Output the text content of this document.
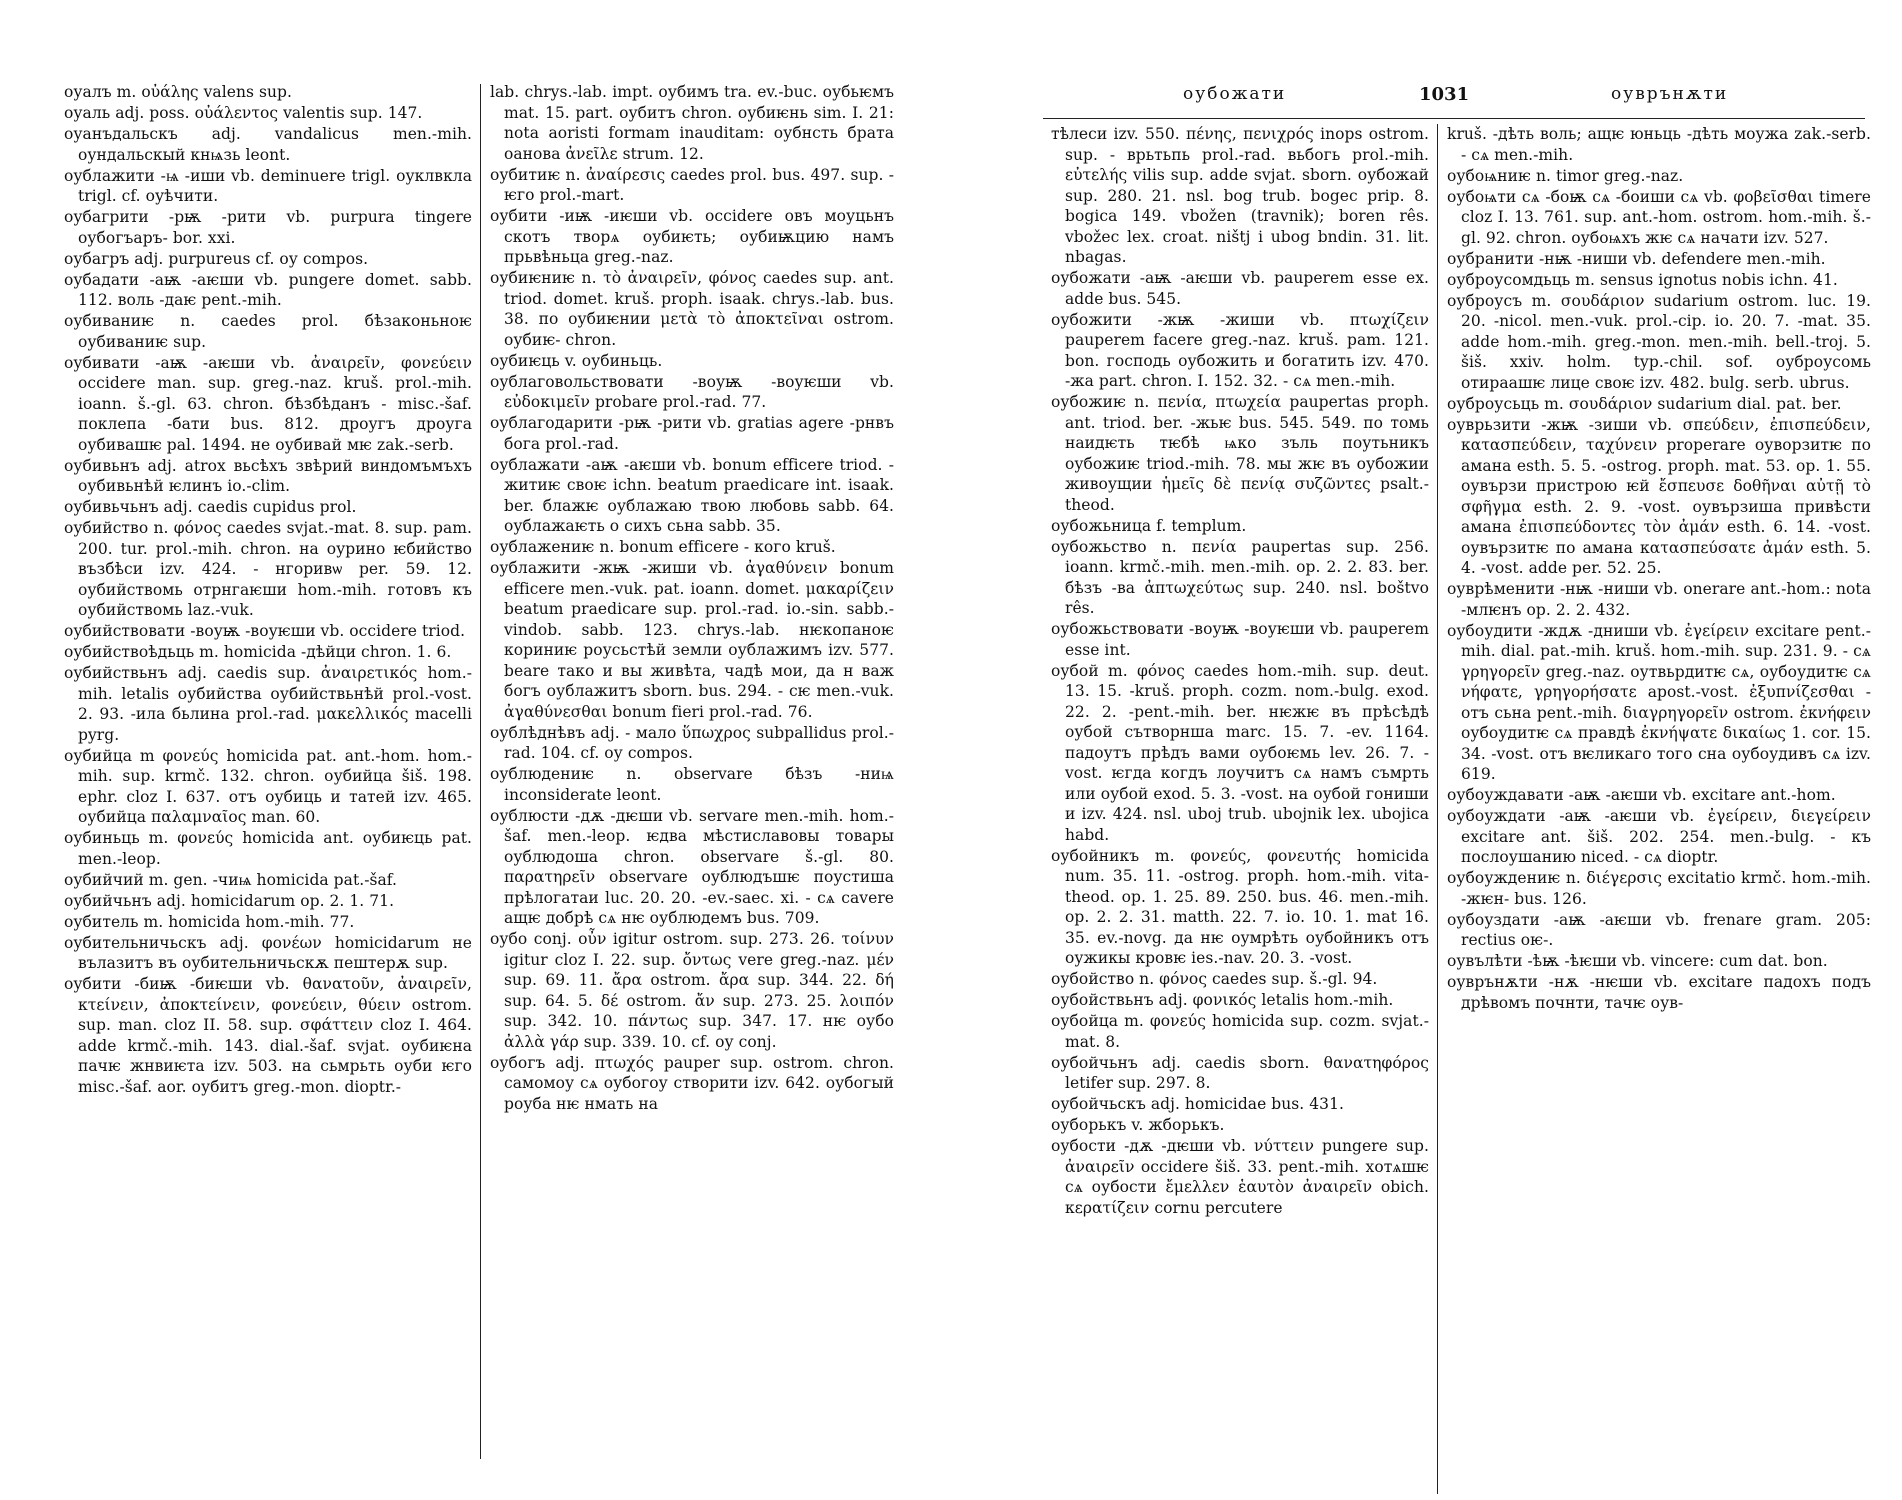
оуалъ m. οὐάλης valens sup.

оуаль adj. poss. οὐάλεντος valentis sup. 147.

оуанъдальскъ adj. vandalicus men.-mih. оундальскый кнѩзь leont.

оублажити -ѩ -иши vb. deminuere trigl. оуклвкла trigl. cf. оуѣчити.

оубагрити -рѭ -рити vb. purpura tingere оубогъаръ- bor. xxi.

оубагръ adj. purpureus cf. оу compos.

оубадати -аѭ -аѥши vb. pungere domet. sabb. 112. воль -даѥ pent.-mih.

оубиваниѥ n. caedes prol. бѣзаконьноѥ оубиваниѥ sup.

оубивати -аѭ -аѥши vb. ἀναιρεῖν, φονεύειν occidere man. sup. greg.-naz. kruš. prol.-mih. ioann. š.-gl. 63. chron. бѣзбѣданъ - misc.-šaf. поклепа -бати bus. 812. дроугъ дроуга оубивашѥ pal. 1494. не оубивай мѥ zak.-serb.

оубивьнъ adj. atrox вьсѣхъ звѣрий виндомъмъхъ оубивьнѣй ѥлинъ io.-clim.

оубивьчьнъ adj. caedis cupidus prol.

оубийство n. φόνος caedes svjat.-mat. 8. sup. pam. 200. tur. prol.-mih. chron. на оурино ѥбийство възбѣси izv. 424. - нгоривѡ per. 59. 12. оубийствомь отрнгаѥши hom.-mih. готовъ къ оубийствомь laz.-vuk.

оубийствовати -воуѭ -воуѥши vb. occidere triod.

оубийствоѣдьць m. homicida -дѣйци chron. 1. 6.

оубийствьнъ adj. caedis sup. ἀναιρετικός hom.-mih. letalis оубийства оубийствьнѣй prol.-vost. 2. 93. -ила бьлина prol.-rad. μακελλικός macelli pyrg.

оубийца m φονεύς homicida pat. ant.-hom. hom.-mih. sup. krmč. 132. chron. оубийца šiš. 198. ephr. cloz I. 637. отъ оубиць и татей izv. 465. оубийца παλαμναῖος man. 60.

оубиньць m. φονεύς homicida ant. оубиѥць pat. men.-leop.

оубийчий m. gen. -чиѩ homicida pat.-šaf.

оубийчьнъ adj. homicidarum op. 2. 1. 71.

оубитель m. homicida hom.-mih. 77.

оубительничьскъ adj. φονέων homicidarum не вълазитъ въ оубительничьскѫ пештерѫ sup.

оубити -биѭ -биѥши vb. θανατοῦν, ἀναιρεῖν, κτείνειν, ἀποκτείνειν, φονεύειν, θύειν ostrom. sup. man. cloz II. 58. sup. σφάττειν cloz I. 464. adde krmč.-mih. 143. dial.-šaf. svjat. оубиѥна пачѥ жнвиѥта izv. 503. на сьмрьть оуби ѥго misc.-šaf. aor. оубитъ greg.-mon. dioptr.-

lab. chrys.-lab. impt. оубимъ tra. ev.-buc. оубьѥмъ mat. 15. part. оубитъ chron. оубиѥнь sim. I. 21: nota aoristi formam inauditam: оубнсть брата оанова ἀνεῖλε strum. 12.

оубитиѥ n. ἀναίρεσις caedes prol. bus. 497. sup. - ѥго prol.-mart.

оубити -иѭ -иѥши vb. occidere овъ моуцьнъ скотъ творѧ оубиѥть; оубиѭцию намъ прьвѣньца greg.-naz.

оубиѥниѥ n. τὸ ἀναιρεῖν, φόνος caedes sup. ant. triod. domet. kruš. proph. isaak. chrys.-lab. bus. 38. по оубиѥнии μετὰ τὸ ἀποκτεῖναι ostrom. оубиѥ- chron.

оубиѥць v. оубиньць.

оублаговольствовати -воуѭ -воуѥши vb. εὐδοκιμεῖν probare prol.-rad. 77.

оублагодарити -рѭ -рити vb. gratias agere -рнвъ бога prol.-rad.

оублажати -аѭ -аѥши vb. bonum efficere triod. - житиѥ своѥ ichn. beatum praedicare int. isaak. ber. блажѥ оублажаю твою любовь sabb. 64. оублажаѥть о сихъ сьна sabb. 35.

оублажениѥ n. bonum efficere - кого kruš.

оублажити -жѭ -жиши vb. ἀγαθύνειν bonum efficere men.-vuk. pat. ioann. domet. μακαρίζειν beatum praedicare sup. prol.-rad. io.-sin. sabb.-vindob. sabb. 123. chrys.-lab. нѥкопаноѥ кориниѥ роусьстѣй земли оублажимъ izv. 577. beare тако и вы живѣта, чадѣ мои, да н важ богъ оублажитъ sborn. bus. 294. - сѥ men.-vuk. ἀγαθύνεσθαι bonum fieri prol.-rad. 76.

оублѣднѣвъ adj. - мало ὕπωχρος subpallidus prol.-rad. 104. cf. оу compos.

оублюдениѥ n. observare бѣзъ -ниѩ inconsiderate leont.

оублюсти -дѫ -дѥши vb. servare men.-mih. hom.-šaf. men.-leop. ѥдва мѣстиславовы товары оублюдоша chron. observare š.-gl. 80. παρατηρεῖν observare оублюдъшѥ поустиша прѣлогатаи luc. 20. 20. -ev.-saec. xi. - сѧ cavere ащѥ добрѣ сѧ нѥ оублюдемъ bus. 709.

оубо conj. οὖν igitur ostrom. sup. 273. 26. τοίνυν igitur cloz I. 22. sup. ὄντως vere greg.-naz. μέν sup. 69. 11. ἄρα ostrom. ἄρα sup. 344. 22. δή sup. 64. 5. δέ ostrom. ἄν sup. 273. 25. λοιπόν sup. 342. 10. πάντως sup. 347. 17. нѥ оубо ἀλλὰ γάρ sup. 339. 10. cf. оу conj.

оубогъ adj. πτωχός pauper sup. ostrom. chron. самомоу сѧ оубогоу створити izv. 642. оубогый роуба нѥ нмать на

оубожати	1031	оуврънѫти

тѣлеси izv. 550. πένης, πενιχρός inops ostrom. sup. - врьтьпь prol.-rad. вьбогь prol.-mih. εὐτελής vilis sup. adde svjat. sborn. оубожай sup. 280. 21. nsl. bog trub. bogec prip. 8. bogica 149. vbožen (travnik); boren rês. vbožec lex. croat. ništj i ubog bndin. 31. lit. nbagas.

оубожати -аѭ -аѥши vb. pauperem esse ex. adde bus. 545.

оубожити -жѭ -жиши vb. πτωχίζειν pauperem facere greg.-naz. kruš. pam. 121. bon. господь оубожить и богатить izv. 470. -жа part. chron. I. 152. 32. - сѧ men.-mih.

оубожиѥ n. πενία, πτωχεία paupertas proph. ant. triod. ber. -жьѥ bus. 545. 549. по томь наидѥть тѥбѣ ѩко зъль поутьникъ оубожиѥ triod.-mih. 78. мы жѥ въ оубожии живоущии ἡμεῖς δὲ πενίᾳ συζῶντες psalt.-theod.

оубожьница f. templum.

оубожьство n. πενία paupertas sup. 256. ioann. krmč.-mih. men.-mih. op. 2. 2. 83. ber. бѣзъ -ва ἀπτωχεύτως sup. 240. nsl. boštvo rês.

оубожьствовати -воуѭ -воуѥши vb. pauperem esse int.

оубой m. φόνος caedes hom.-mih. sup. deut. 13. 15. -kruš. proph. cozm. nom.-bulg. exod. 22. 2. -pent.-mih. ber. нѥжѥ въ прѣсѣдѣ оубой сътворнша marc. 15. 7. -ev. 1164. падоутъ прѣдъ вами оубоѥмь lev. 26. 7. -vost. ѥгда когдъ лоучитъ сѧ намъ съмрть или оубой exod. 5. 3. -vost. на оубой гониши и izv. 424. nsl. ubој trub. ubojnik lex. ubojica habd.

оубойникъ m. φονεύς, φονευτής homicida num. 35. 11. -ostrog. proph. hom.-mih. vita-theod. op. 1. 25. 89. 250. bus. 46. men.-mih. op. 2. 2. 31. matth. 22. 7. io. 10. 1. mat 16. 35. ev.-novg. да нѥ оумрѣть оубойникъ отъ оужикы кровѥ ies.-nav. 20. 3. -vost.

оубойство n. φόνος caedes sup. š.-gl. 94.

оубойствьнъ adj. φονικός letalis hom.-mih.

оубойца m. φονεύς homicida sup. cozm. svjat.-mat. 8.

оубойчьнъ adj. caedis sborn. θανατηφόρος letifer sup. 297. 8.

оубойчьскъ adj. homicidae bus. 431.

оуборькъ v. жборькъ.

оубости -дѫ -дѥши vb. νύττειν pungere sup. ἀναιρεῖν occidere šiš. 33. pent.-mih. хотѧшѥ сѧ оубости ἔμελλεν ἑαυτὸν ἀναιρεῖν obich. κερατίζειν cornu percutere

kruš. -дѣть воль; ащѥ юньць -дѣть моужа zak.-serb. - сѧ men.-mih.

оубоѩниѥ n. timor greg.-naz.

оубоѩти сѧ -боѭ сѧ -боиши сѧ vb. φοβεῖσθαι timere cloz I. 13. 761. sup. ant.-hom. ostrom. hom.-mih. š.-gl. 92. chron. оубоѩхъ жѥ сѧ начати izv. 527.

оубранити -нѭ -ниши vb. defendere men.-mih.

оуброусомдьць m. sensus ignotus nobis ichn. 41.

оуброусъ m. σουδάριον sudarium ostrom. luc. 19. 20. -nicol. men.-vuk. prol.-cip. io. 20. 7. -mat. 35. adde hom.-mih. greg.-mon. men.-mih. bell.-troj. 5. šiš. xxiv. holm. typ.-chil. sof. оуброусомь отираашѥ лице своѥ izv. 482. bulg. serb. ubrus.

оуброусьць m. σουδάριον sudarium dial. pat. ber.

оуврьзити -жѭ -зиши vb. σπεύδειν, ἐπισπεύδειν, κατασπεύδειν, ταχύνειν properare оуворзитѥ по амана esth. 5. 5. -ostrog. proph. mat. 53. op. 1. 55. оувързи пристрою ѥй ἔσπευσε δοθῆναι αὐτῇ τὸ σφῆγμα esth. 2. 9. -vost. оувързиша привѣсти амана ἐπισπεύδοντες τὸν ἀμάν esth. 6. 14. -vost. оувързитѥ по амана κατασπεύσατε ἀμάν esth. 5. 4. -vost. adde per. 52. 25.

оуврѣменити -нѭ -ниши vb. onerare ant.-hom.: nota -млѥнъ op. 2. 2. 432.

оубоудити -ждѫ -дниши vb. ἐγείρειν excitare pent.-mih. dial. pat.-mih. kruš. hom.-mih. sup. 231. 9. - сѧ γρηγορεῖν greg.-naz. оутвьрдитѥ сѧ, оубоудитѥ сѧ νήφατε, γρηγορήσατε apost.-vost. ἐξυπνίζεσθαι - отъ сьна pent.-mih. διαγρηγορεῖν ostrom. ἐκνήφειν оубоудитѥ сѧ правдѣ ἐκνήψατε δικαίως 1. cor. 15. 34. -vost. отъ вѥликаго того сна оубоудивъ сѧ izv. 619.

оубоуждавати -аѭ -аѥши vb. excitare ant.-hom.

оубоуждати -аѭ -аѥши vb. ἐγείρειν, διεγείρειν excitare ant. šiš. 202. 254. men.-bulg. - къ послоушанию niced. - сѧ dioptr.

оубоуждениѥ n. διέγερσις excitatio krmč. hom.-mih. -жѥн- bus. 126.

оубоуздати -аѭ -аѥши vb. frenare gram. 205: rectius оѥ-.

оувълѣти -ѣѭ -ѣѥши vb. vincere: cum dat. bon.

оуврънѫти -нѫ -нѥши vb. excitare падохъ подъ дрѣвомъ почнти, тачѥ оув-
